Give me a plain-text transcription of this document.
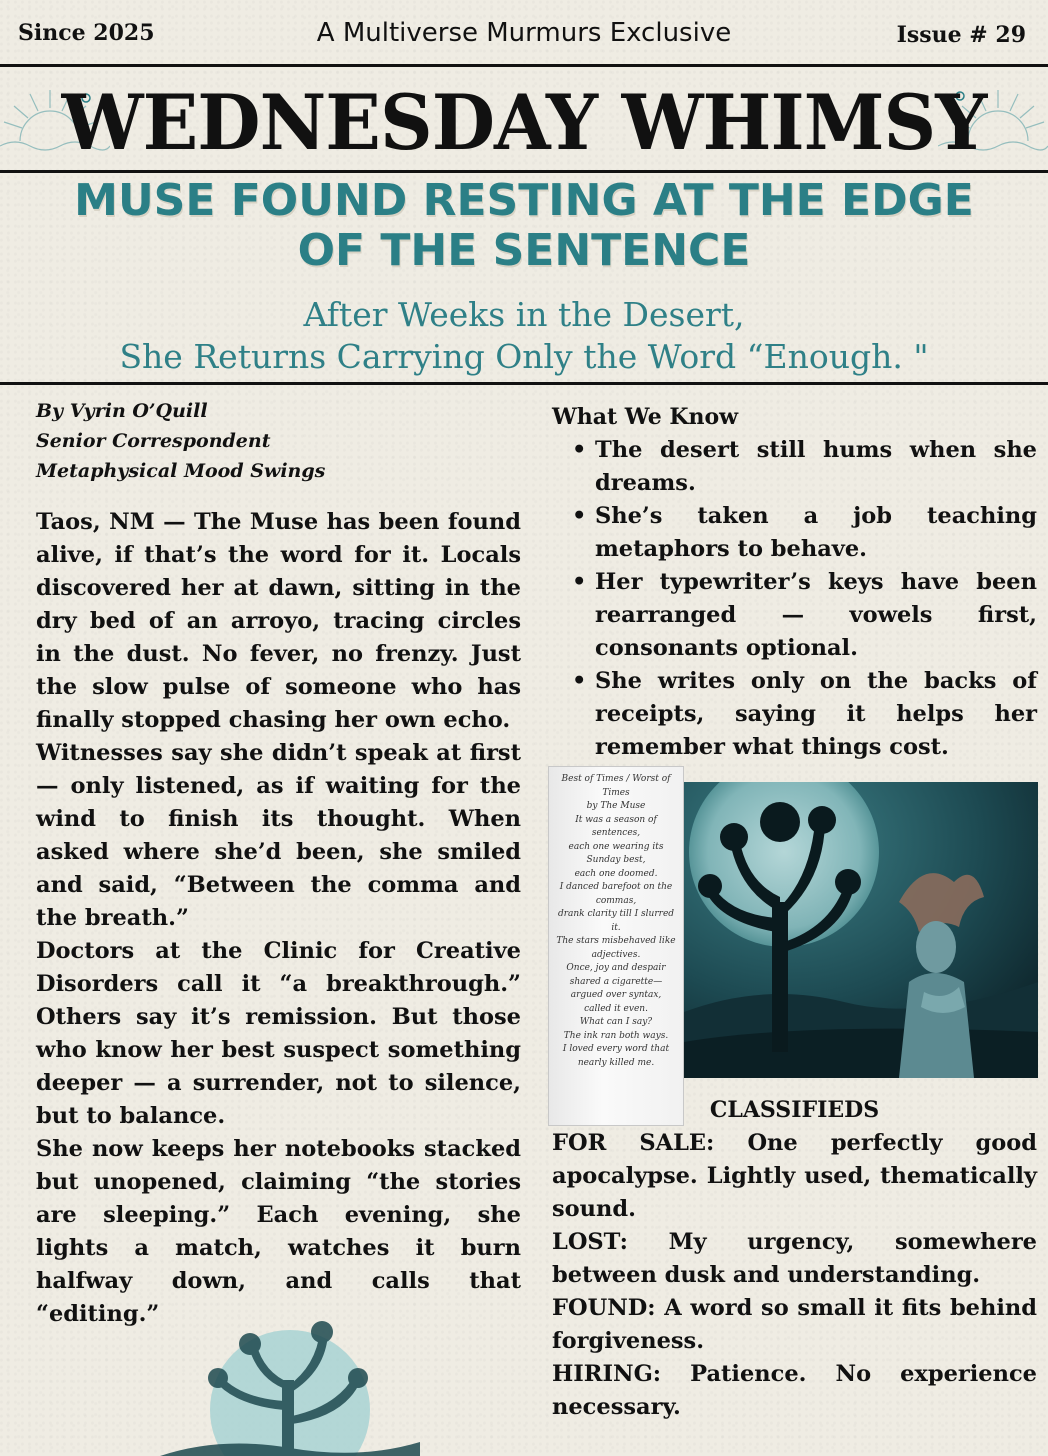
Since 2025	A Multiverse Murmurs Exclusive	Issue # 29
WEDNESDAY WHIMSY
MUSE FOUND RESTING AT THE EDGE
OF THE SENTENCE
After Weeks in the Desert,
She Returns Carrying Only the Word “Enough. "
By Vyrin O’Quill
Senior Correspondent
Metaphysical Mood Swings

Taos, NM — The Muse has been found alive, if that’s the word for it. Locals discovered her at dawn, sitting in the dry bed of an arroyo, tracing circles in the dust. No fever, no frenzy. Just the slow pulse of someone who has finally stopped chasing her own echo.

Witnesses say she didn’t speak at first — only listened, as if waiting for the wind to finish its thought. When asked where she’d been, she smiled and said, “Between the comma and the breath.”

Doctors at the Clinic for Creative Disorders call it “a breakthrough.” Others say it’s remission. But those who know her best suspect something deeper — a surrender, not to silence, but to balance.

She now keeps her notebooks stacked but unopened, claiming “the stories are sleeping.” Each evening, she lights a match, watches it burn halfway down, and calls that “editing.”

What We Know
• The desert still hums when she dreams.
• She’s taken a job teaching metaphors to behave.
• Her typewriter’s keys have been rearranged — vowels first, consonants optional.
• She writes only on the backs of receipts, saying it helps her remember what things cost.
Best of Times / Worst of Times
by The Muse
It was a season of sentences,
each one wearing its Sunday best,
each one doomed.
I danced barefoot on the commas,
drank clarity till I slurred it.
The stars misbehaved like adjectives.
Once, joy and despair shared a cigarette—
argued over syntax,
called it even.
What can I say?
The ink ran both ways.
I loved every word that nearly killed me.
CLASSIFIEDS

FOR SALE: One perfectly good apocalypse. Lightly used, thematically sound.

LOST: My urgency, somewhere between dusk and understanding.

FOUND: A word so small it fits behind forgiveness.

HIRING: Patience. No experience necessary.
